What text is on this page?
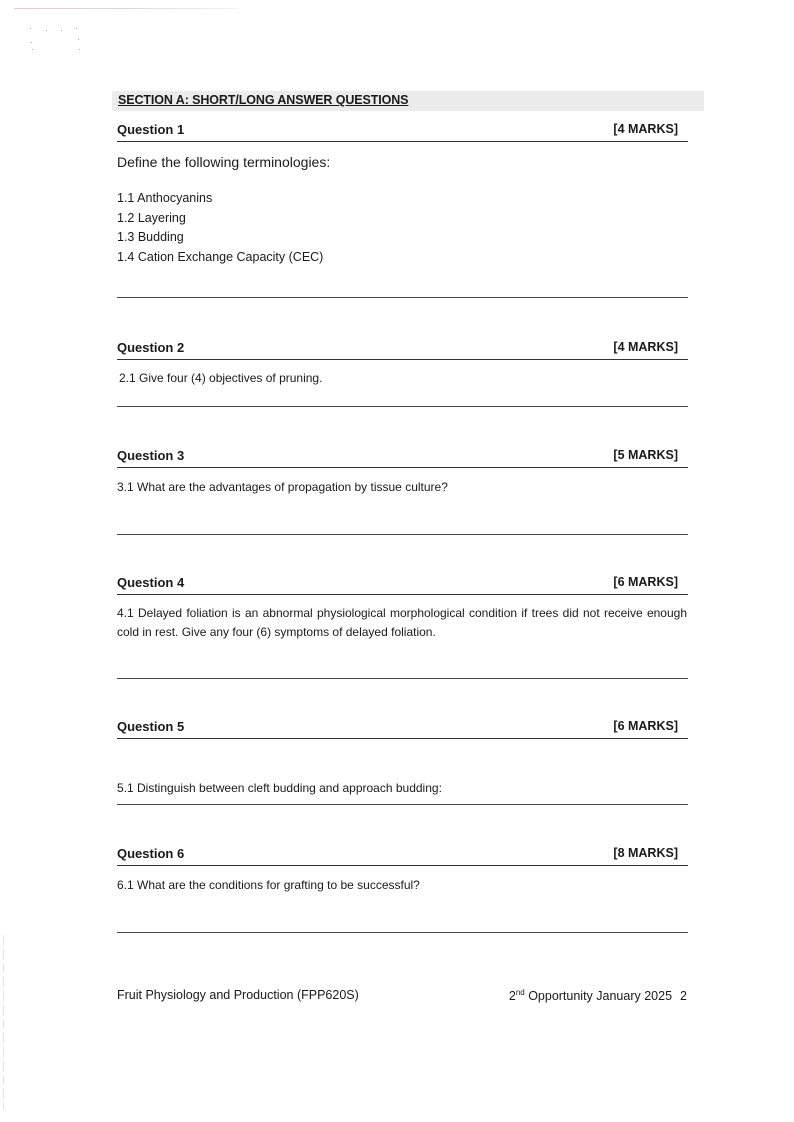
SECTION A: SHORT/LONG ANSWER QUESTIONS
Question 1	[4 MARKS]
Define the following terminologies:
1.1 Anthocyanins
1.2 Layering
1.3 Budding
1.4 Cation Exchange Capacity (CEC)
Question 2	[4 MARKS]
2.1 Give four (4) objectives of pruning.
Question 3	[5 MARKS]
3.1 What are the advantages of propagation by tissue culture?
Question 4	[6 MARKS]
4.1 Delayed foliation is an abnormal physiological morphological condition if trees did not receive enough cold in rest. Give any four (6) symptoms of delayed foliation.
Question 5	[6 MARKS]
5.1 Distinguish between cleft budding and approach budding:
Question 6	[8 MARKS]
6.1 What are the conditions for grafting to be successful?
Fruit Physiology and Production (FPP620S)	2nd Opportunity January 2025 2
